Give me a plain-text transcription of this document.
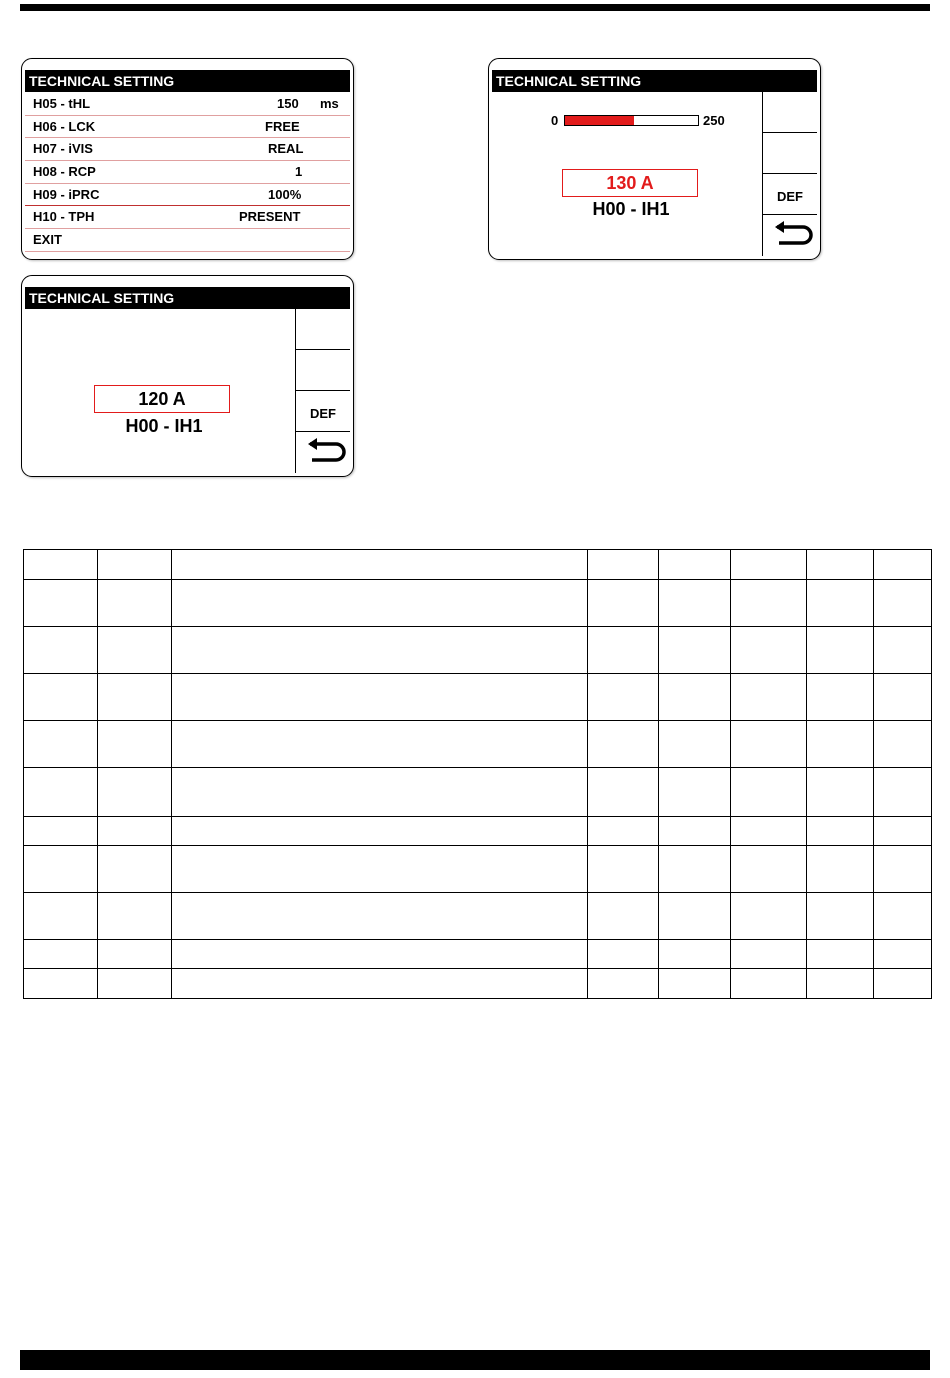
TECHNICAL SETTING
H05 - tHL	150 ms
H06 - LCK	FREE
H07 - iVIS	REAL
H08 - RCP	1
H09 - iPRC	100%
H10 - TPH	PRESENT
EXIT
TECHNICAL SETTING
120 A
H00 - IH1
DEF
TECHNICAL SETTING
0	250
130 A
H00 - IH1
DEF
